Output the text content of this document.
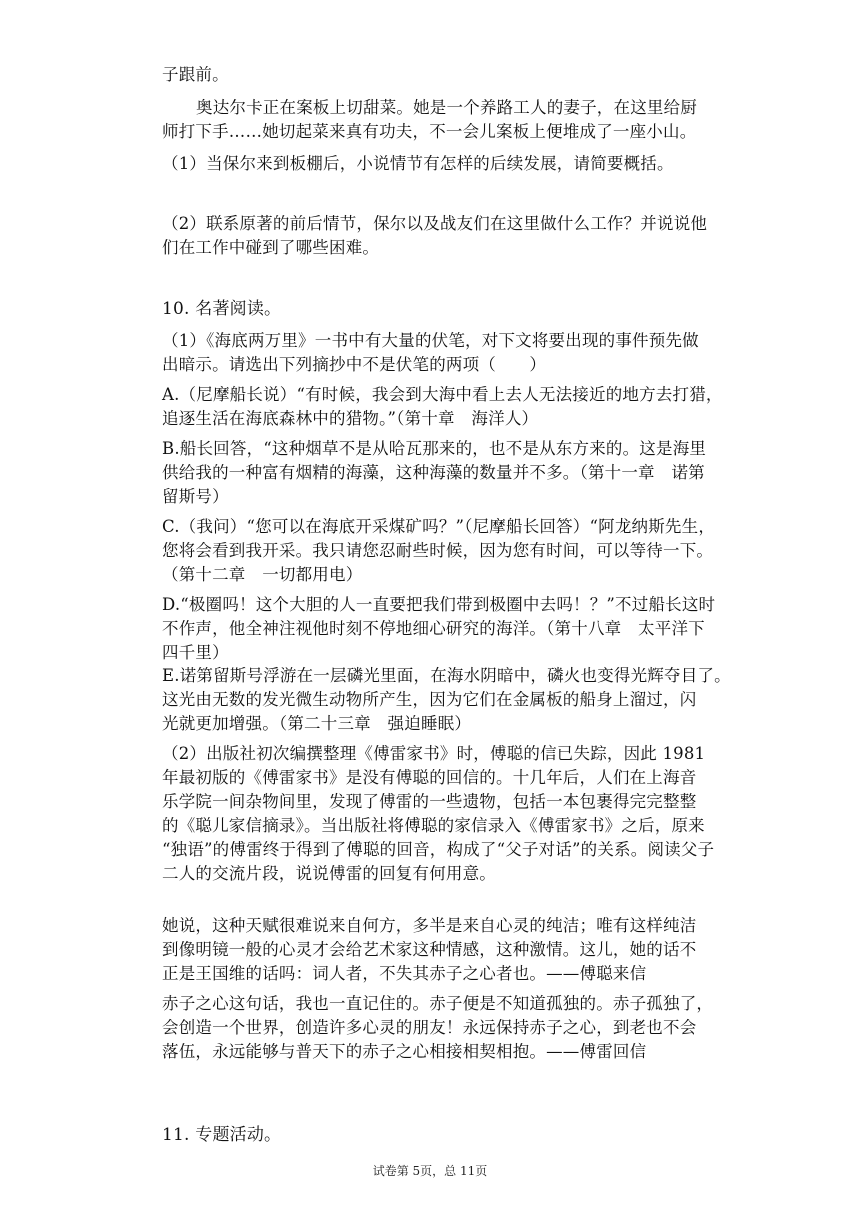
子跟前。
奥达尔卡正在案板上切甜菜。她是一个养路工人的妻子，在这里给厨
师打下手……她切起菜来真有功夫，不一会儿案板上便堆成了一座小山。
（1）当保尔来到板棚后，小说情节有怎样的后续发展，请简要概括。
（2）联系原著的前后情节，保尔以及战友们在这里做什么工作？并说说他
们在工作中碰到了哪些困难。
10. 名著阅读。
（1）《海底两万里》一书中有大量的伏笔，对下文将要出现的事件预先做
出暗示。请选出下列摘抄中不是伏笔的两项（　　）
A.（尼摩船长说）“有时候，我会到大海中看上去人无法接近的地方去打猎，
追逐生活在海底森林中的猎物。”（第十章　海洋人）
B.船长回答，“这种烟草不是从哈瓦那来的，也不是从东方来的。这是海里
供给我的一种富有烟精的海藻，这种海藻的数量并不多。（第十一章　诺第
留斯号）
C.（我问）“您可以在海底开采煤矿吗？”（尼摩船长回答）“阿龙纳斯先生，
您将会看到我开采。我只请您忍耐些时候，因为您有时间，可以等待一下。
（第十二章　一切都用电）
D.“极圈吗！这个大胆的人一直要把我们带到极圈中去吗！？”不过船长这时
不作声，他全神注视他时刻不停地细心研究的海洋。（第十八章　太平洋下
四千里）
E.诺第留斯号浮游在一层磷光里面，在海水阴暗中，磷火也变得光辉夺目了。
这光由无数的发光微生动物所产生，因为它们在金属板的船身上溜过，闪
光就更加增强。（第二十三章　强迫睡眠）
（2）出版社初次编撰整理《傅雷家书》时，傅聪的信已失踪，因此 1981
年最初版的《傅雷家书》是没有傅聪的回信的。十几年后，人们在上海音
乐学院一间杂物间里，发现了傅雷的一些遗物，包括一本包裹得完完整整
的《聪儿家信摘录》。当出版社将傅聪的家信录入《傅雷家书》之后，原来
“独语”的傅雷终于得到了傅聪的回音，构成了“父子对话”的关系。阅读父子
二人的交流片段，说说傅雷的回复有何用意。
她说，这种天赋很难说来自何方，多半是来自心灵的纯洁；唯有这样纯洁
到像明镜一般的心灵才会给艺术家这种情感，这种激情。这儿，她的话不
正是王国维的话吗：词人者，不失其赤子之心者也。——傅聪来信
赤子之心这句话，我也一直记住的。赤子便是不知道孤独的。赤子孤独了，
会创造一个世界，创造许多心灵的朋友！永远保持赤子之心，到老也不会
落伍，永远能够与普天下的赤子之心相接相契相抱。——傅雷回信
11. 专题活动。
试卷第 5页，总 11页
